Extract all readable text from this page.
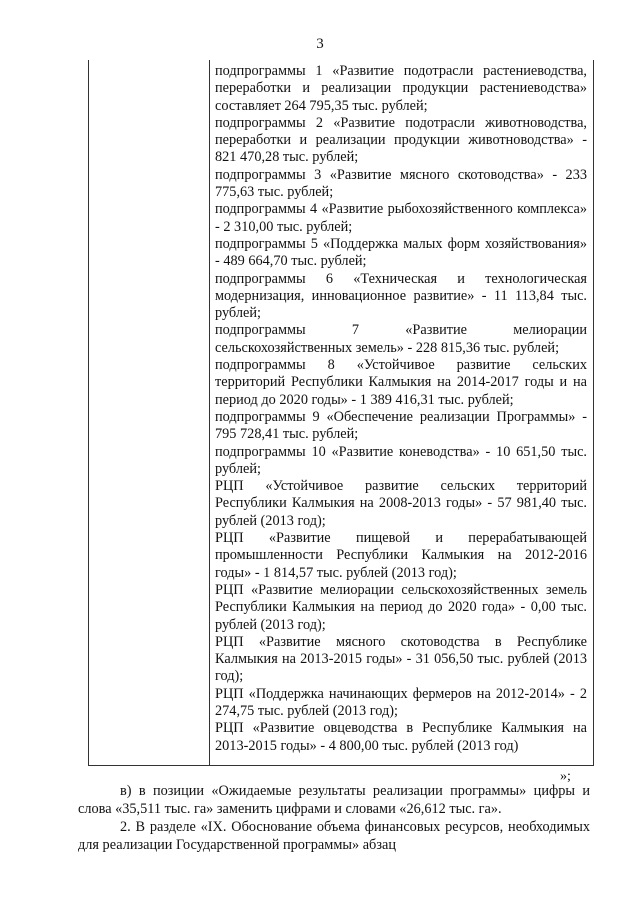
3

подпрограммы 1 «Развитие подотрасли растениеводства, переработки и реализации продукции растениеводства» составляет 264 795,35 тыс. рублей;

подпрограммы 2 «Развитие подотрасли животноводства, переработки и реализации продукции животноводства» - 821 470,28 тыс. рублей;

подпрограммы 3 «Развитие мясного скотоводства» - 233 775,63 тыс. рублей;

подпрограммы 4 «Развитие рыбохозяйственного комплекса» - 2 310,00 тыс. рублей;

подпрограммы 5 «Поддержка малых форм хозяйствования» - 489 664,70 тыс. рублей;

подпрограммы 6 «Техническая и технологическая модернизация, инновационное развитие» - 11 113,84 тыс. рублей;

подпрограммы 7 «Развитие мелиорации сельскохозяйственных земель» - 228 815,36 тыс. рублей;

подпрограммы 8 «Устойчивое развитие сельских территорий Республики Калмыкия на 2014-2017 годы и на период до 2020 годы» - 1 389 416,31 тыс. рублей;

подпрограммы 9 «Обеспечение реализации Программы» - 795 728,41 тыс. рублей;

подпрограммы 10 «Развитие коневодства» - 10 651,50 тыс. рублей;

РЦП «Устойчивое развитие сельских территорий Республики Калмыкия на 2008-2013 годы» - 57 981,40 тыс. рублей (2013 год);

РЦП «Развитие пищевой и перерабатывающей промышленности Республики Калмыкия на 2012-2016 годы» - 1 814,57 тыс. рублей (2013 год);

РЦП «Развитие мелиорации сельскохозяйственных земель Республики Калмыкия на период до 2020 года» - 0,00 тыс. рублей (2013 год);

РЦП «Развитие мясного скотоводства в Республике Калмыкия на 2013-2015 годы» - 31 056,50 тыс. рублей (2013 год);

РЦП «Поддержка начинающих фермеров на 2012-2014» - 2 274,75 тыс. рублей (2013 год);

РЦП «Развитие овцеводства в Республике Калмыкия на 2013-2015 годы» - 4 800,00 тыс. рублей (2013 год)

»;

в) в позиции «Ожидаемые результаты реализации программы» цифры и слова «35,511 тыс. га» заменить цифрами и словами «26,612 тыс. га».

2. В разделе «IX. Обоснование объема финансовых ресурсов, необходимых для реализации Государственной программы» абзац
